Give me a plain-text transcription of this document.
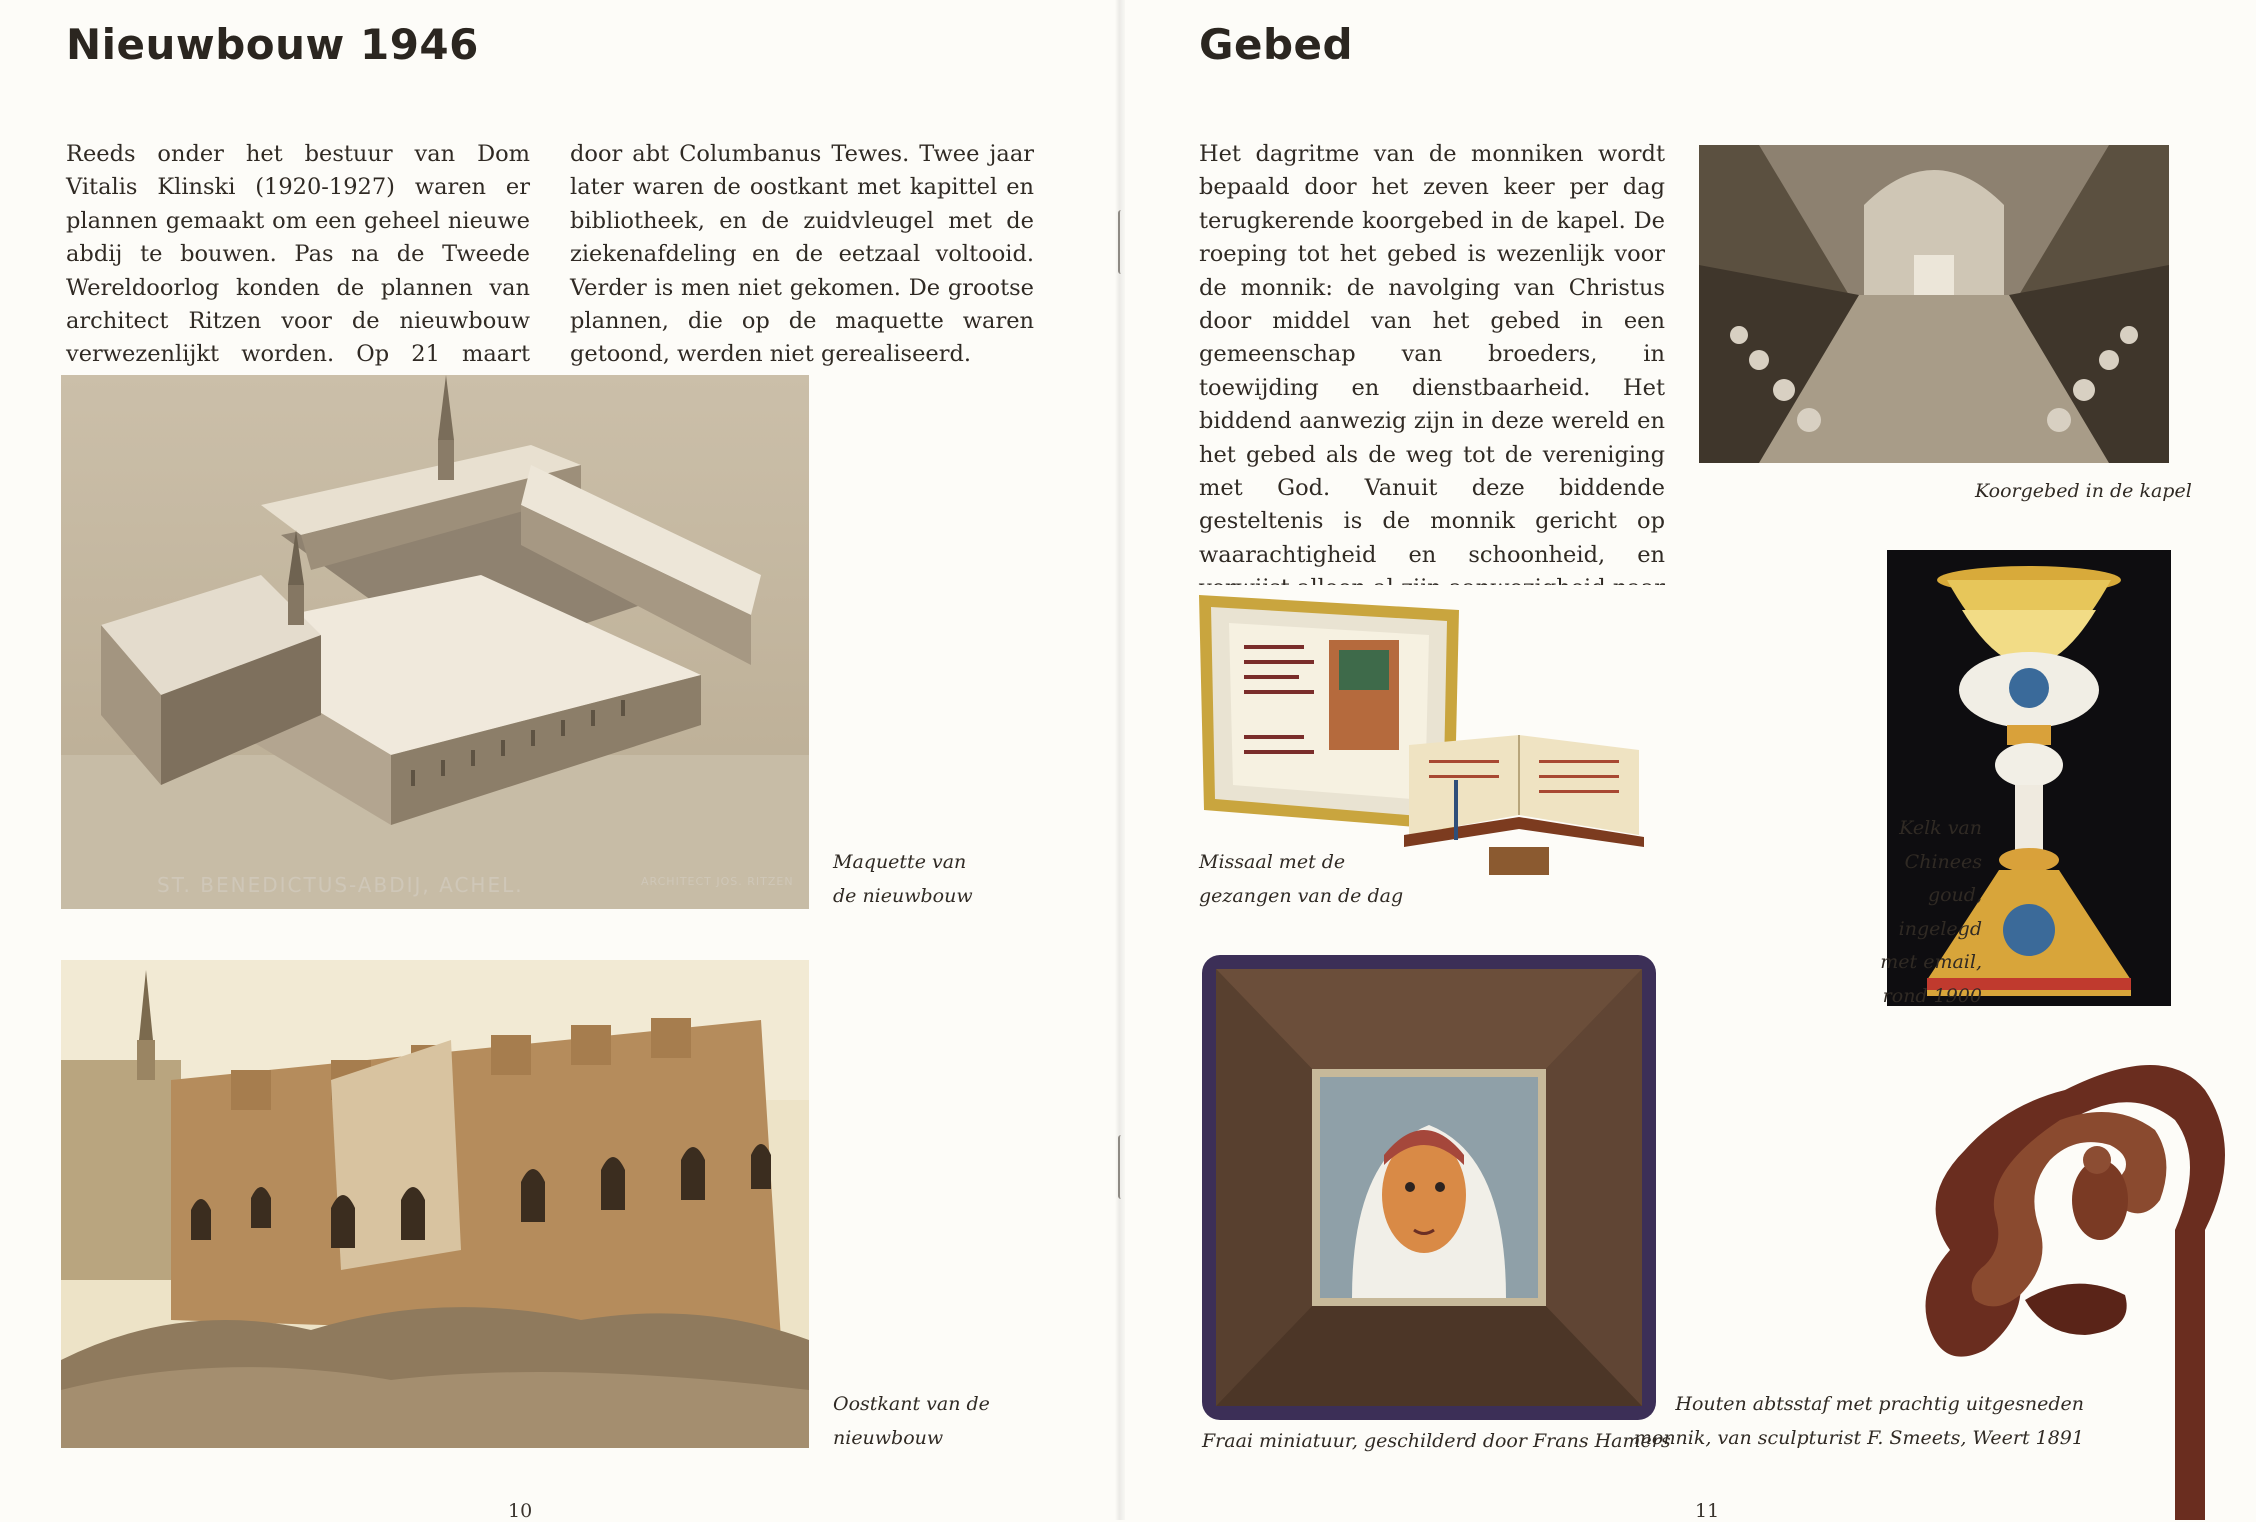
Nieuwbouw 1946

Reeds onder het bestuur van Dom Vitalis Klinski (1920-1927) waren er plannen gemaakt om een geheel nieuwe abdij te bouwen. Pas na de Tweede Wereldoorlog konden de plannen van architect Ritzen voor de nieuwbouw verwezenlijkt worden. Op 21 maart

door abt Columbanus Tewes. Twee jaar later waren de oostkant met kapittel en bibliotheek, en de zuidvleugel met de ziekenafdeling en de eetzaal voltooid. Verder is men niet gekomen. De grootse plannen, die op de maquette waren getoond, werden niet gerealiseerd.

ST. BENEDICTUS-ABDIJ, ACHEL.	ARCHITECT JOS. RITZEN
Maquette van
de nieuwbouw
Oostkant van de
nieuwbouw
10
Gebed

Het dagritme van de monniken wordt bepaald door het zeven keer per dag terugkerende koorgebed in de kapel. De roeping tot het gebed is wezenlijk voor de monnik: de navolging van Christus door middel van het gebed in een gemeenschap van broeders, in toewijding en dienstbaarheid. Het biddend aanwezig zijn in deze wereld en het gebed als de weg tot de vereniging met God. Vanuit deze biddende gesteltenis is de monnik gericht op waarachtigheid en schoonheid, en

Koorgebed in de kapel
Missaal met de
gezangen van de dag
Kelk van
Chinees
goud,
ingelegd
met email,
rond 1900
Fraai miniatuur, geschilderd door Frans Hamers
Houten abtsstaf met prachtig uitgesneden
monnik, van sculpturist F. Smeets, Weert 1891
11
